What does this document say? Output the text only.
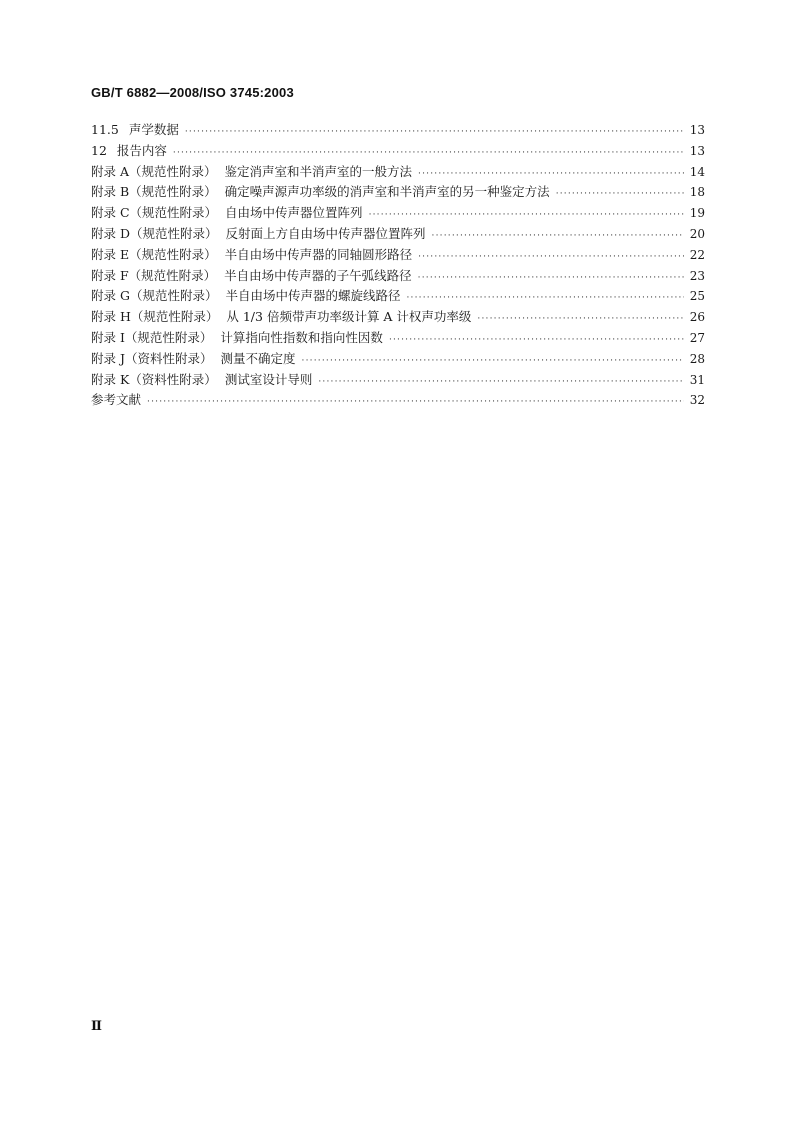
GB/T 6882—2008/ISO 3745:2003
11.5 声学数据 ·····	13
12 报告内容 ·····	13
附录 A（规范性附录） 鉴定消声室和半消声室的一般方法 ·····	14
附录 B（规范性附录） 确定噪声源声功率级的消声室和半消声室的另一种鉴定方法 ·····	18
附录 C（规范性附录） 自由场中传声器位置阵列 ·····	19
附录 D（规范性附录） 反射面上方自由场中传声器位置阵列 ·····	20
附录 E（规范性附录） 半自由场中传声器的同轴圆形路径 ·····	22
附录 F（规范性附录） 半自由场中传声器的子午弧线路径 ·····	23
附录 G（规范性附录） 半自由场中传声器的螺旋线路径 ·····	25
附录 H（规范性附录） 从 1/3 倍频带声功率级计算 A 计权声功率级 ·····	26
附录 I（规范性附录） 计算指向性指数和指向性因数 ·····	27
附录 J（资料性附录） 测量不确定度 ·····	28
附录 K（资料性附录） 测试室设计导则 ·····	31
参考文献 ·····	32
Ⅱ
